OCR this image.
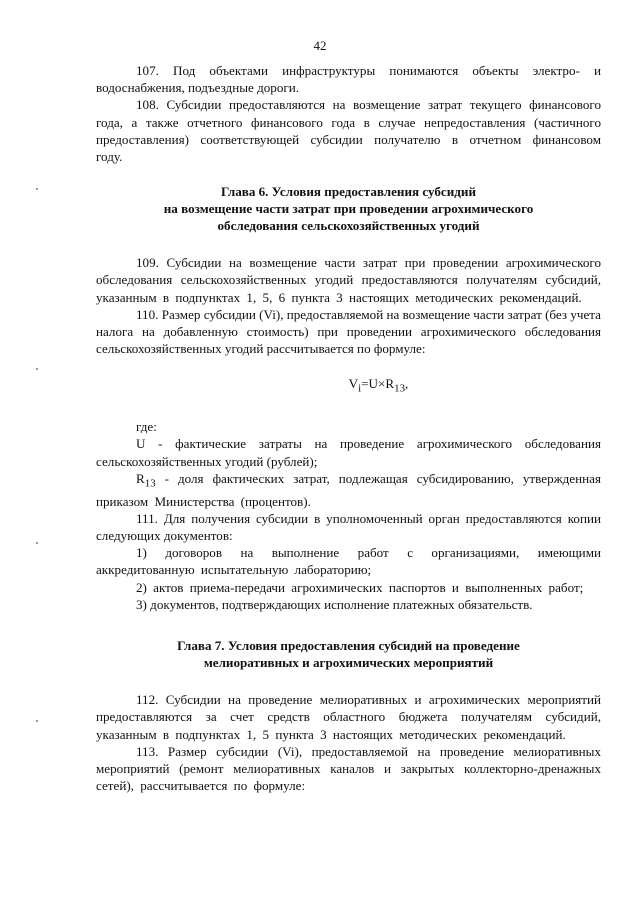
42

107. Под объектами инфраструктуры понимаются объекты электро- и водоснабжения, подъездные дороги.

108. Субсидии предоставляются на возмещение затрат текущего финансового года, а также отчетного финансового года в случае непредоставления (частичного предоставления) соответствующей субсидии получателю в отчетном финансовом году.

Глава 6. Условия предоставления субсидий
на возмещение части затрат при проведении агрохимического
обследования сельскохозяйственных угодий

109. Субсидии на возмещение части затрат при проведении агрохимического обследования сельскохозяйственных угодий предоставляются получателям субсидий, указанным в подпунктах 1, 5, 6 пункта 3 настоящих методических рекомендаций.

110. Размер субсидии (Vi), предоставляемой на возмещение части затрат (без учета налога на добавленную стоимость) при проведении агрохимического обследования сельскохозяйственных угодий рассчитывается по формуле:

$V_i=U\times R_{13}$,

где:

U - фактические затраты на проведение агрохимического обследования сельскохозяйственных угодий (рублей);

$R_{13}$ - доля фактических затрат, подлежащая субсидированию, утвержденная приказом Министерства (процентов).

111. Для получения субсидии в уполномоченный орган предоставляются копии следующих документов:

1) договоров на выполнение работ с организациями, имеющими аккредитованную испытательную лабораторию;

2) актов приема-передачи агрохимических паспортов и выполненных работ;

3) документов, подтверждающих исполнение платежных обязательств.

Глава 7. Условия предоставления субсидий на проведение
мелиоративных и агрохимических мероприятий

112. Субсидии на проведение мелиоративных и агрохимических мероприятий предоставляются за счет средств областного бюджета получателям субсидий, указанным в подпунктах 1, 5 пункта 3 настоящих методических рекомендаций.

113. Размер субсидии (Vi), предоставляемой на проведение мелиоративных мероприятий (ремонт мелиоративных каналов и закрытых коллекторно-дренажных сетей), рассчитывается по формуле:
